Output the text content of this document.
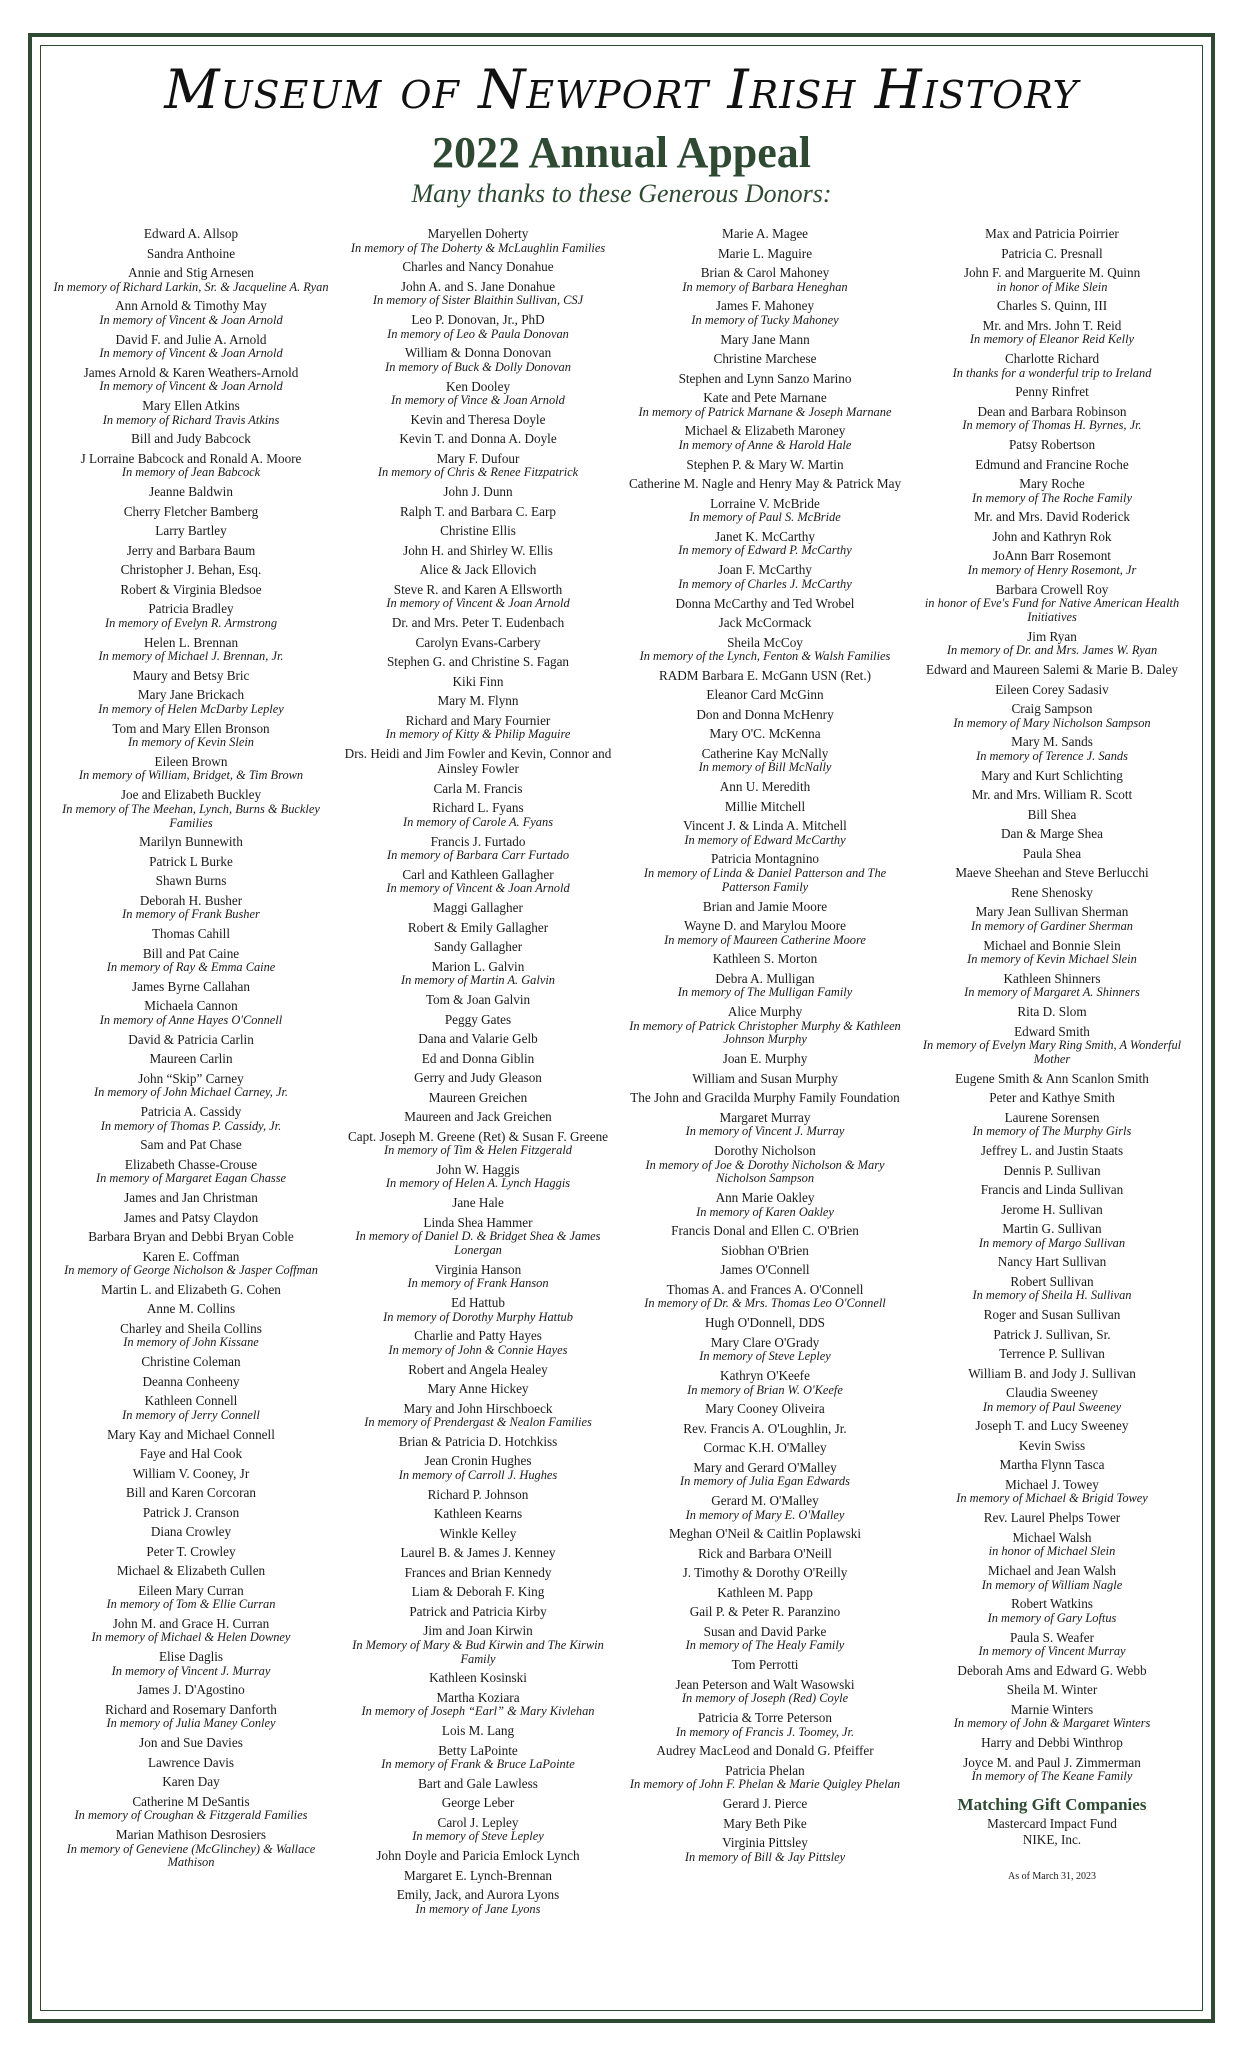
Museum of Newport Irish History
2022 Annual Appeal
Many thanks to these Generous Donors:
Edward A. Allsop
Sandra Anthoine
Annie and Stig Arnesen
In memory of Richard Larkin, Sr. & Jacqueline A. Ryan
Ann Arnold & Timothy May
In memory of Vincent & Joan Arnold
David F. and Julie A. Arnold
In memory of Vincent & Joan Arnold
James Arnold & Karen Weathers-Arnold
In memory of Vincent & Joan Arnold
Mary Ellen Atkins
In memory of Richard Travis Atkins
Bill and Judy Babcock
J Lorraine Babcock and Ronald A. Moore
In memory of Jean Babcock
Jeanne Baldwin
Cherry Fletcher Bamberg
Larry Bartley
Jerry and Barbara Baum
Christopher J. Behan, Esq.
Robert & Virginia Bledsoe
Patricia Bradley
In memory of Evelyn R. Armstrong
Helen L. Brennan
In memory of Michael J. Brennan, Jr.
Maury and Betsy Bric
Mary Jane Brickach
In memory of Helen McDarby Lepley
Tom and Mary Ellen Bronson
In memory of Kevin Slein
Eileen Brown
In memory of William, Bridget, & Tim Brown
Joe and Elizabeth Buckley
In memory of The Meehan, Lynch, Burns & Buckley Families
Marilyn Bunnewith
Patrick L Burke
Shawn Burns
Deborah H. Busher
In memory of Frank Busher
Thomas Cahill
Bill and Pat Caine
In memory of Ray & Emma Caine
James Byrne Callahan
Michaela Cannon
In memory of Anne Hayes O'Connell
David & Patricia Carlin
Maureen Carlin
John “Skip” Carney
In memory of John Michael Carney, Jr.
Patricia A. Cassidy
In memory of Thomas P. Cassidy, Jr.
Sam and Pat Chase
Elizabeth Chasse-Crouse
In memory of Margaret Eagan Chasse
James and Jan Christman
James and Patsy Claydon
Barbara Bryan and Debbi Bryan Coble
Karen E. Coffman
In memory of George Nicholson & Jasper Coffman
Martin L. and Elizabeth G. Cohen
Anne M. Collins
Charley and Sheila Collins
In memory of John Kissane
Christine Coleman
Deanna Conheeny
Kathleen Connell
In memory of Jerry Connell
Mary Kay and Michael Connell
Faye and Hal Cook
William V. Cooney, Jr
Bill and Karen Corcoran
Patrick J. Cranson
Diana Crowley
Peter T. Crowley
Michael & Elizabeth Cullen
Eileen Mary Curran
In memory of Tom & Ellie Curran
John M. and Grace H. Curran
In memory of Michael & Helen Downey
Elise Daglis
In memory of Vincent J. Murray
James J. D'Agostino
Richard and Rosemary Danforth
In memory of Julia Maney Conley
Jon and Sue Davies
Lawrence Davis
Karen Day
Catherine M DeSantis
In memory of Croughan & Fitzgerald Families
Marian Mathison Desrosiers
In memory of Geneviene (McGlinchey) & Wallace Mathison
Maryellen Doherty
In memory of The Doherty & McLaughlin Families
Charles and Nancy Donahue
John A. and S. Jane Donahue
In memory of Sister Blaithin Sullivan, CSJ
Leo P. Donovan, Jr., PhD
In memory of Leo & Paula Donovan
William & Donna Donovan
In memory of Buck & Dolly Donovan
Ken Dooley
In memory of Vince & Joan Arnold
Kevin and Theresa Doyle
Kevin T. and Donna A. Doyle
Mary F. Dufour
In memory of Chris & Renee Fitzpatrick
John J. Dunn
Ralph T. and Barbara C. Earp
Christine Ellis
John H. and Shirley W. Ellis
Alice & Jack Ellovich
Steve R. and Karen A Ellsworth
In memory of Vincent & Joan Arnold
Dr. and Mrs. Peter T. Eudenbach
Carolyn Evans-Carbery
Stephen G. and Christine S. Fagan
Kiki Finn
Mary M. Flynn
Richard and Mary Fournier
In memory of Kitty & Philip Maguire
Drs. Heidi and Jim Fowler and Kevin, Connor and Ainsley Fowler
Carla M. Francis
Richard L. Fyans
In memory of Carole A. Fyans
Francis J. Furtado
In memory of Barbara Carr Furtado
Carl and Kathleen Gallagher
In memory of Vincent & Joan Arnold
Maggi Gallagher
Robert & Emily Gallagher
Sandy Gallagher
Marion L. Galvin
In memory of Martin A. Galvin
Tom & Joan Galvin
Peggy Gates
Dana and Valarie Gelb
Ed and Donna Giblin
Gerry and Judy Gleason
Maureen Greichen
Maureen and Jack Greichen
Capt. Joseph M. Greene (Ret) & Susan F. Greene
In memory of Tim & Helen Fitzgerald
John W. Haggis
In memory of Helen A. Lynch Haggis
Jane Hale
Linda Shea Hammer
In memory of Daniel D. & Bridget Shea & James Lonergan
Virginia Hanson
In memory of Frank Hanson
Ed Hattub
In memory of Dorothy Murphy Hattub
Charlie and Patty Hayes
In memory of John & Connie Hayes
Robert and Angela Healey
Mary Anne Hickey
Mary and John Hirschboeck
In memory of Prendergast & Nealon Families
Brian & Patricia D. Hotchkiss
Jean Cronin Hughes
In memory of Carroll J. Hughes
Richard P. Johnson
Kathleen Kearns
Winkle Kelley
Laurel B. & James J. Kenney
Frances and Brian Kennedy
Liam & Deborah F. King
Patrick and Patricia Kirby
Jim and Joan Kirwin
In Memory of Mary & Bud Kirwin and The Kirwin Family
Kathleen Kosinski
Martha Koziara
In memory of Joseph “Earl” & Mary Kivlehan
Lois M. Lang
Betty LaPointe
In memory of Frank & Bruce LaPointe
Bart and Gale Lawless
George Leber
Carol J. Lepley
In memory of Steve Lepley
John Doyle and Paricia Emlock Lynch
Margaret E. Lynch-Brennan
Emily, Jack, and Aurora Lyons
In memory of Jane Lyons
Marie A. Magee
Marie L. Maguire
Brian & Carol Mahoney
In memory of Barbara Heneghan
James F. Mahoney
In memory of Tucky Mahoney
Mary Jane Mann
Christine Marchese
Stephen and Lynn Sanzo Marino
Kate and Pete Marnane
In memory of Patrick Marnane & Joseph Marnane
Michael & Elizabeth Maroney
In memory of Anne & Harold Hale
Stephen P. & Mary W. Martin
Catherine M. Nagle and Henry May & Patrick May
Lorraine V. McBride
In memory of Paul S. McBride
Janet K. McCarthy
In memory of Edward P. McCarthy
Joan F. McCarthy
In memory of Charles J. McCarthy
Donna McCarthy and Ted Wrobel
Jack McCormack
Sheila McCoy
In memory of the Lynch, Fenton & Walsh Families
RADM Barbara E. McGann USN (Ret.)
Eleanor Card McGinn
Don and Donna McHenry
Mary O'C. McKenna
Catherine Kay McNally
In memory of Bill McNally
Ann U. Meredith
Millie Mitchell
Vincent J. & Linda A. Mitchell
In memory of Edward McCarthy
Patricia Montagnino
In memory of Linda & Daniel Patterson and The Patterson Family
Brian and Jamie Moore
Wayne D. and Marylou Moore
In memory of Maureen Catherine Moore
Kathleen S. Morton
Debra A. Mulligan
In memory of The Mulligan Family
Alice Murphy
In memory of Patrick Christopher Murphy & Kathleen Johnson Murphy
Joan E. Murphy
William and Susan Murphy
The John and Gracilda Murphy Family Foundation
Margaret Murray
In memory of Vincent J. Murray
Dorothy Nicholson
In memory of Joe & Dorothy Nicholson & Mary Nicholson Sampson
Ann Marie Oakley
In memory of Karen Oakley
Francis Donal and Ellen C. O'Brien
Siobhan O'Brien
James O'Connell
Thomas A. and Frances A. O'Connell
In memory of Dr. & Mrs. Thomas Leo O'Connell
Hugh O'Donnell, DDS
Mary Clare O'Grady
In memory of Steve Lepley
Kathryn O'Keefe
In memory of Brian W. O'Keefe
Mary Cooney Oliveira
Rev. Francis A. O'Loughlin, Jr.
Cormac K.H. O'Malley
Mary and Gerard O'Malley
In memory of Julia Egan Edwards
Gerard M. O'Malley
In memory of Mary E. O'Malley
Meghan O'Neil & Caitlin Poplawski
Rick and Barbara O'Neill
J. Timothy & Dorothy O'Reilly
Kathleen M. Papp
Gail P. & Peter R. Paranzino
Susan and David Parke
In memory of The Healy Family
Tom Perrotti
Jean Peterson and Walt Wasowski
In memory of Joseph (Red) Coyle
Patricia & Torre Peterson
In memory of Francis J. Toomey, Jr.
Audrey MacLeod and Donald G. Pfeiffer
Patricia Phelan
In memory of John F. Phelan & Marie Quigley Phelan
Gerard J. Pierce
Mary Beth Pike
Virginia Pittsley
In memory of Bill & Jay Pittsley
Max and Patricia Poirrier
Patricia C. Presnall
John F. and Marguerite M. Quinn
in honor of Mike Slein
Charles S. Quinn, III
Mr. and Mrs. John T. Reid
In memory of Eleanor Reid Kelly
Charlotte Richard
In thanks for a wonderful trip to Ireland
Penny Rinfret
Dean and Barbara Robinson
In memory of Thomas H. Byrnes, Jr.
Patsy Robertson
Edmund and Francine Roche
Mary Roche
In memory of The Roche Family
Mr. and Mrs. David Roderick
John and Kathryn Rok
JoAnn Barr Rosemont
In memory of Henry Rosemont, Jr
Barbara Crowell Roy
in honor of Eve's Fund for Native American Health Initiatives
Jim Ryan
In memory of Dr. and Mrs. James W. Ryan
Edward and Maureen Salemi & Marie B. Daley
Eileen Corey Sadasiv
Craig Sampson
In memory of Mary Nicholson Sampson
Mary M. Sands
In memory of Terence J. Sands
Mary and Kurt Schlichting
Mr. and Mrs. William R. Scott
Bill Shea
Dan & Marge Shea
Paula Shea
Maeve Sheehan and Steve Berlucchi
Rene Shenosky
Mary Jean Sullivan Sherman
In memory of Gardiner Sherman
Michael and Bonnie Slein
In memory of Kevin Michael Slein
Kathleen Shinners
In memory of Margaret A. Shinners
Rita D. Slom
Edward Smith
In memory of Evelyn Mary Ring Smith, A Wonderful Mother
Eugene Smith & Ann Scanlon Smith
Peter and Kathye Smith
Laurene Sorensen
In memory of The Murphy Girls
Jeffrey L. and Justin Staats
Dennis P. Sullivan
Francis and Linda Sullivan
Jerome H. Sullivan
Martin G. Sullivan
In memory of Margo Sullivan
Nancy Hart Sullivan
Robert Sullivan
In memory of Sheila H. Sullivan
Roger and Susan Sullivan
Patrick J. Sullivan, Sr.
Terrence P. Sullivan
William B. and Jody J. Sullivan
Claudia Sweeney
In memory of Paul Sweeney
Joseph T. and Lucy Sweeney
Kevin Swiss
Martha Flynn Tasca
Michael J. Towey
In memory of Michael & Brigid Towey
Rev. Laurel Phelps Tower
Michael Walsh
in honor of Michael Slein
Michael and Jean Walsh
In memory of William Nagle
Robert Watkins
In memory of Gary Loftus
Paula S. Weafer
In memory of Vincent Murray
Deborah Ams and Edward G. Webb
Sheila M. Winter
Marnie Winters
In memory of John & Margaret Winters
Harry and Debbi Winthrop
Joyce M. and Paul J. Zimmerman
In memory of The Keane Family
Matching Gift Companies
Mastercard Impact Fund
NIKE, Inc.
As of March 31, 2023
